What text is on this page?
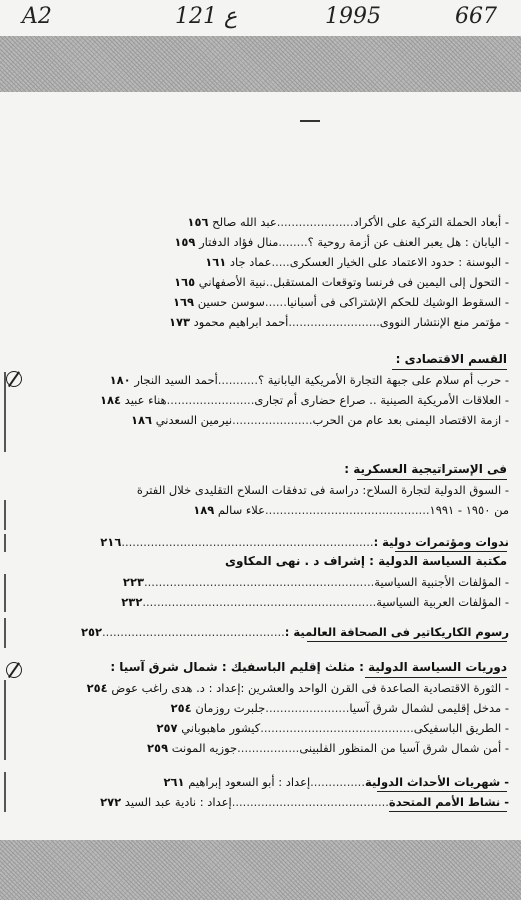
A2	121 ع	1995	667
- أبعاد الحملة التركية على الأكراد.....................عبد الله صالح ١٥٦
- اليابان : هل يعبر العنف عن أزمة روحية ؟........منال فؤاد الدفتار ١٥٩
- البوسنة : حدود الاعتماد على الخيار العسكرى.....عماد جاد ١٦١
- التحول إلى اليمين فى فرنسا وتوقعات المستقبل..نبية الأصفهاني ١٦٥
- السقوط الوشيك للحكم الإشتراكى فى أسبانيا......سوسن حسين ١٦٩
- مؤتمر منع الإنتشار النووى.........................أحمد ابراهيم محمود ١٧٣
القسم الاقتصادى :
- حرب أم سلام على جبهة التجارة الأمريكية اليابانية ؟...........أحمد السيد النجار ١٨٠
- العلاقات الأمريكية الصينية .. صراع حضارى أم تجارى........................هناء عبيد ١٨٤
- ازمة الاقتصاد اليمنى بعد عام من الحرب......................نيرمين السعدني ١٨٦
فى الإستراتيجية العسكرية :
- السوق الدولية لتجارة السلاح: دراسة فى تدفقات السلاح التقليدى خلال الفترة
من ١٩٥٠ - ١٩٩١.............................................علاء سالم ١٨٩
ندوات ومؤتمرات دولية :.....................................................................٢١٦
مكتبة السياسة الدولية : إشراف د . نهى المكاوى
- المؤلفات الأجنبية السياسية...............................................................٢٢٣
- المؤلفات العربية السياسية................................................................٢٣٢
رسوم الكاريكاتير فى الصحافة العالمية :..................................................٢٥٢
دوريات السياسة الدولية : مثلث إقليم الباسفيك : شمال شرق آسيا :
- الثورة الاقتصادية الصاعدة فى القرن الواحد والعشرين :إعداد : د. هدى راغب عوض ٢٥٤
- مدخل إقليمى لشمال شرق آسيا.......................جلبرت روزمان ٢٥٤
- الطريق الباسفيكى..........................................كيشور ماهبوباني ٢٥٧
- أمن شمال شرق آسيا من المنظور الفلبينى.................جوزيه المونت ٢٥٩
- شهريات الأحداث الدولية...............إعداد : أبو السعود إبراهيم ٢٦١
- نشاط الأمم المتحدة...........................................إعداد : نادية عبد السيد ٢٧٢
